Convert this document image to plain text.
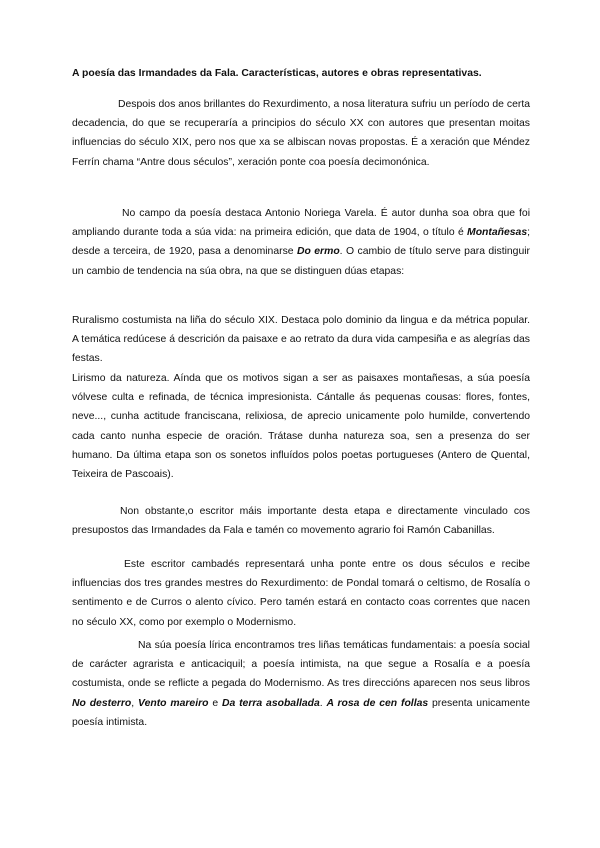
A poesía das Irmandades da Fala. Características, autores e obras representativas.

Despois dos anos brillantes do Rexurdimento, a nosa literatura sufriu un período de certa decadencia, do que se recuperaría a principios do século XX con autores que presentan moitas influencias do século XIX, pero nos que xa se albiscan novas propostas. É a xeración que Méndez Ferrín chama “Antre dous séculos”, xeración ponte coa poesía decimonónica.

No campo da poesía destaca Antonio Noriega Varela. É autor dunha soa obra que foi ampliando durante toda a súa vida: na primeira edición, que data de 1904, o título é Montañesas; desde a terceira, de 1920, pasa a denominarse Do ermo. O cambio de título serve para distinguir un cambio de tendencia na súa obra, na que se distinguen dúas etapas:

Ruralismo costumista na liña do século XIX. Destaca polo dominio da lingua e da métrica popular. A temática redúcese á descrición da paisaxe e ao retrato da dura vida campesiña e as alegrías das festas.

Lirismo da natureza. Aínda que os motivos sigan a ser as paisaxes montañesas, a súa poesía vólvese culta e refinada, de técnica impresionista. Cántalle ás pequenas cousas: flores, fontes, neve..., cunha actitude franciscana, relixiosa, de aprecio unicamente polo humilde, convertendo cada canto nunha especie de oración. Trátase dunha natureza soa, sen a presenza do ser humano. Da última etapa son os sonetos influídos polos poetas portugueses (Antero de Quental, Teixeira de Pascoais).

Non obstante,o escritor máis importante desta etapa e directamente vinculado cos presupostos das Irmandades da Fala e tamén co movemento agrario foi Ramón Cabanillas.

Este escritor cambadés representará unha ponte entre os dous séculos e recibe influencias dos tres grandes mestres do Rexurdimento: de Pondal tomará o celtismo, de Rosalía o sentimento e de Curros o alento cívico. Pero tamén estará en contacto coas correntes que nacen no século XX, como por exemplo o Modernismo.

Na súa poesía lírica encontramos tres liñas temáticas fundamentais: a poesía social de carácter agrarista e anticaciquil; a poesía intimista, na que segue a Rosalía e a poesía costumista, onde se reflicte a pegada do Modernismo. As tres direccións aparecen nos seus libros No desterro, Vento mareiro e Da terra asoballada. A rosa de cen follas presenta unicamente poesía intimista.
